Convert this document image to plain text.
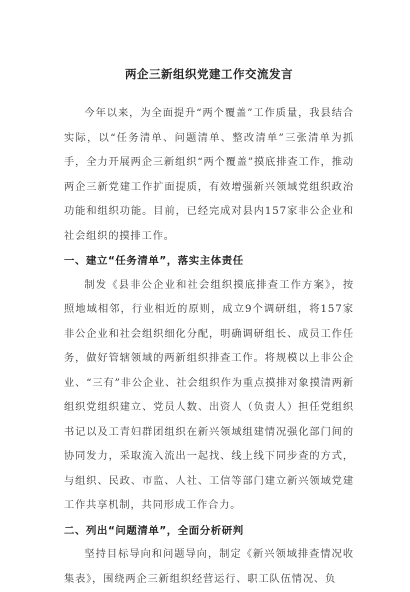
两企三新组织党建工作交流发言

今年以来，为全面提升“两个覆盖”工作质量，我县结合实际，以“任务清单、问题清单、整改清单”三张清单为抓手，全力开展两企三新组织“两个覆盖”摸底排查工作，推动两企三新党建工作扩面提质，有效增强新兴领域党组织政治功能和组织功能。目前，已经完成对县内157家非公企业和社会组织的摸排工作。

一、建立“任务清单”，落实主体责任

制发《县非公企业和社会组织摸底排查工作方案》，按照地域相邻，行业相近的原则，成立9个调研组，将157家非公企业和社会组织细化分配，明确调研组长、成员工作任务，做好管辖领域的两新组织排查工作。将规模以上非公企业、“三有”非公企业、社会组织作为重点摸排对象摸清两新组织党组织建立、党员人数、出资人（负责人）担任党组织书记以及工青妇群团组织在新兴领域组建情况强化部门间的协同发力，采取流入流出一起找、线上线下同步查的方式，与组织、民政、市监、人社、工信等部门建立新兴领域党建工作共享机制，共同形成工作合力。

二、列出“问题清单”，全面分析研判

坚持目标导向和问题导向，制定《新兴领域排查情况收集表》，围绕两企三新组织经营运行、职工队伍情况、负
